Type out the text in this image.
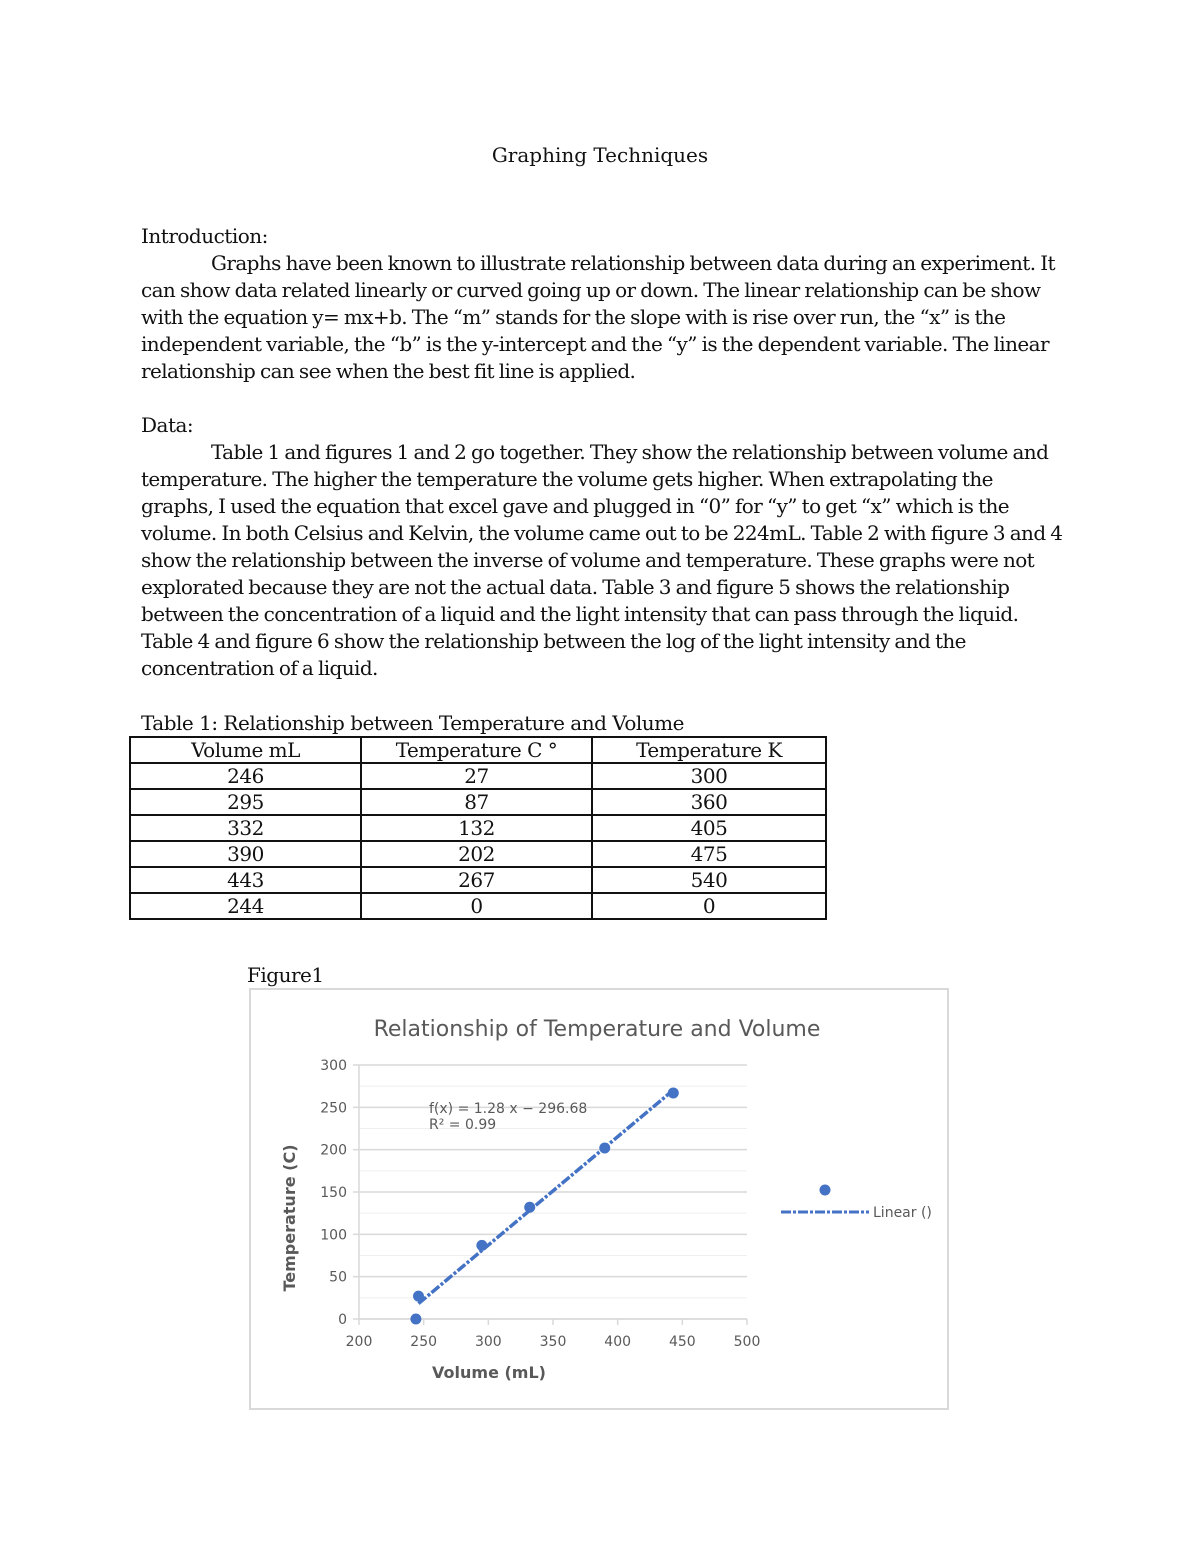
Graphing Techniques
Introduction:

Graphs have been known to illustrate relationship between data during an experiment. It can show data related linearly or curved going up or down. The linear relationship can be show with the equation y= mx+b. The “m” stands for the slope with is rise over run, the “x” is the independent variable, the “b” is the y-intercept and the “y” is the dependent variable. The linear relationship can see when the best fit line is applied.

Data:

Table 1 and figures 1 and 2 go together. They show the relationship between volume and temperature. The higher the temperature the volume gets higher. When extrapolating the graphs, I used the equation that excel gave and plugged in “0” for “y” to get “x” which is the volume. In both Celsius and Kelvin, the volume came out to be 224mL. Table 2 with figure 3 and 4 show the relationship between the inverse of volume and temperature. These graphs were not explorated because they are not the actual data. Table 3 and figure 5 shows the relationship between the concentration of a liquid and the light intensity that can pass through the liquid. Table 4 and figure 6 show the relationship between the log of the light intensity and the concentration of a liquid.

Table 1: Relationship between Temperature and Volume
Volume mL	Temperature C °	Temperature K
246	27	300
295	87	360
332	132	405
390	202	475
443	267	540
244	0	0
Figure1
Relationship of Temperature and Volume
0
50
100
150
200
250
300
200	250	300	350	400	450	500
f(x) = 1.28 x − 296.68
R² = 0.99
Volume (mL)
Temperature (C)	Linear ()
